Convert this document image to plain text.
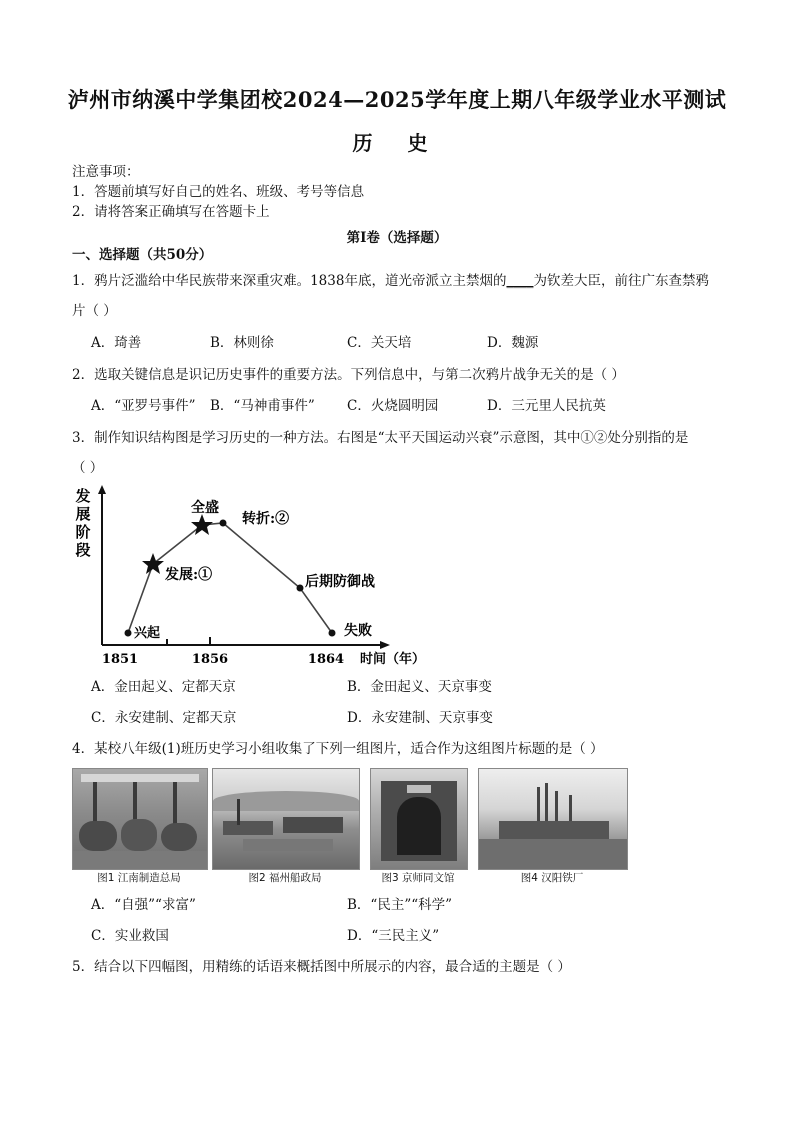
泸州市纳溪中学集团校2024—2025学年度上期八年级学业水平测试
历 史
注意事项：
1．答题前填写好自己的姓名、班级、考号等信息
2．请将答案正确填写在答题卡上
第Ⅰ卷（选择题）
一、选择题（共50分）
1．鸦片泛滥给中华民族带来深重灾难。1838年底，道光帝派立主禁烟的____为钦差大臣，前往广东查禁鸦
片（ ）
A．琦善	B．林则徐	C．关天培	D．魏源
2．选取关键信息是识记历史事件的重要方法。下列信息中，与第二次鸦片战争无关的是（ ）
A．“亚罗号事件” B．“马神甫事件” C．火烧圆明园	D．三元里人民抗英
3．制作知识结构图是学习历史的一种方法。右图是“太平天国运动兴衰”示意图，其中①②处分别指的是
（ ）
发展阶段
1851	1856	1864 时间（年）
兴起
发展:①
全盛
转折:②
后期防御战
失败
A．金田起义、定都天京	B．金田起义、天京事变
C．永安建制、定都天京	D．永安建制、天京事变
4．某校八年级(1)班历史学习小组收集了下列一组图片，适合作为这组图片标题的是（ ）
图1 江南制造总局	图2 福州船政局	图3 京师同文馆	图4 汉阳铁厂
A．“自强”“求富”	B．“民主”“科学”
C．实业救国	D．“三民主义”
5．结合以下四幅图，用精练的话语来概括图中所展示的内容，最合适的主题是（ ）
